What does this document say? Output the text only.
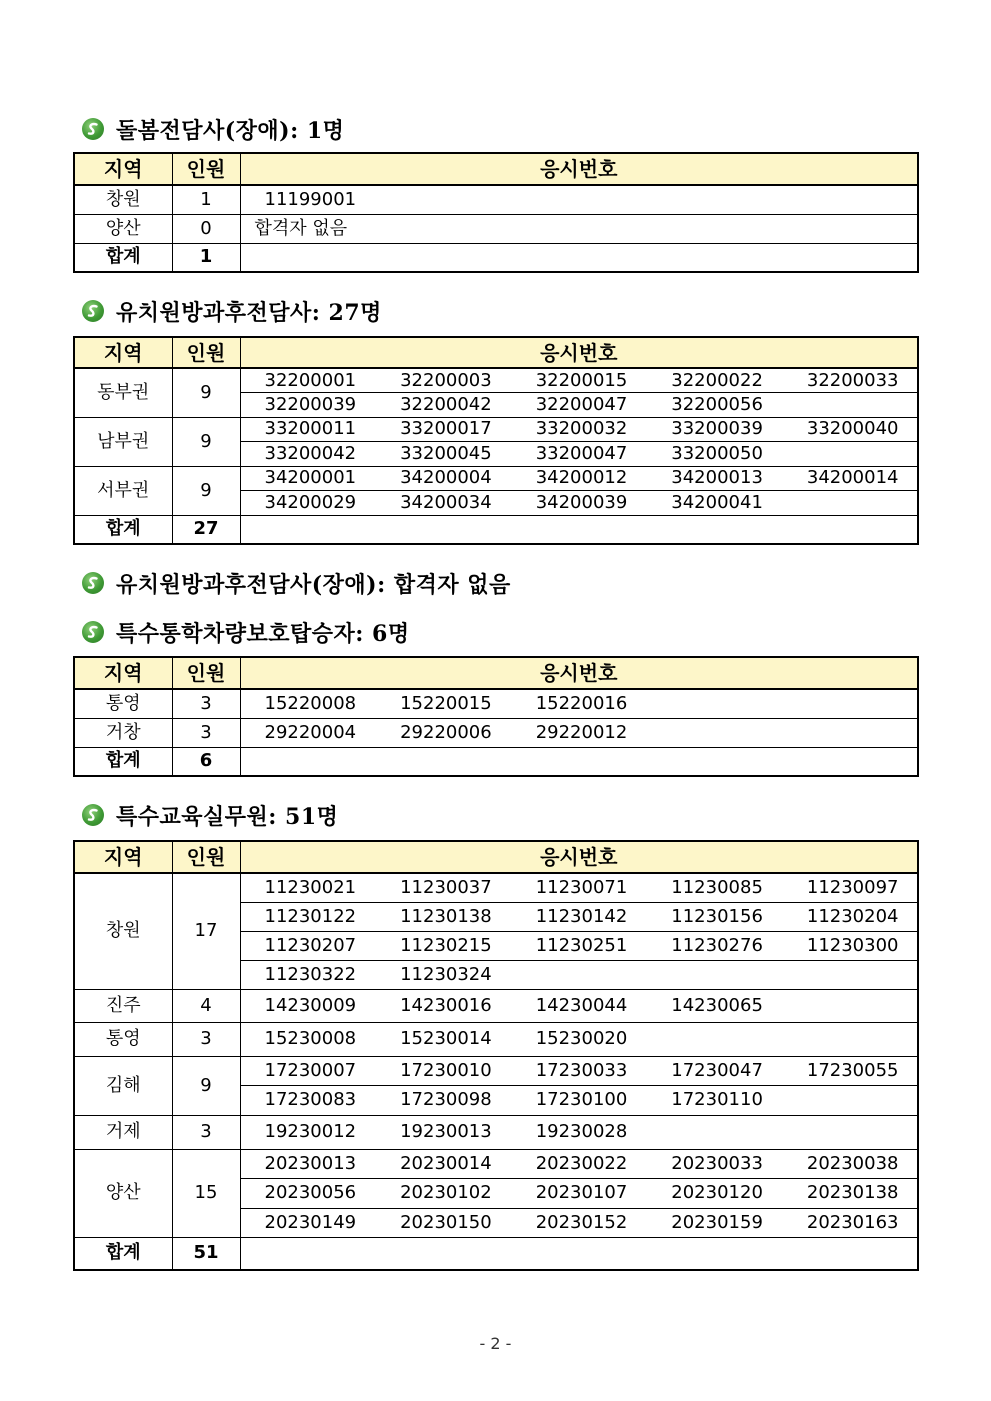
돌봄전담사(장애): 1명
지역	인원	응시번호
창원	1	11199001
양산	0	합격자 없음
합계	1	
유치원방과후전담사: 27명
지역	인원	응시번호
동부권	9	32200001 32200003 32200015 32200022 32200033
		32200039 32200042 32200047 32200056
남부권	9	33200011 33200017 33200032 33200039 33200040
		33200042 33200045 33200047 33200050
서부권	9	34200001 34200004 34200012 34200013 34200014
		34200029 34200034 34200039 34200041
합계	27	
유치원방과후전담사(장애): 합격자 없음
특수통학차량보호탑승자: 6명
지역	인원	응시번호
통영	3	15220008 15220015 15220016
거창	3	29220004 29220006 29220012
합계	6	
특수교육실무원: 51명
지역	인원	응시번호
창원	17	11230021 11230037 11230071 11230085 11230097
		11230122 11230138 11230142 11230156 11230204
		11230207 11230215 11230251 11230276 11230300
		11230322 11230324
진주	4	14230009 14230016 14230044 14230065
통영	3	15230008 15230014 15230020
김해	9	17230007 17230010 17230033 17230047 17230055
		17230083 17230098 17230100 17230110
거제	3	19230012 19230013 19230028
양산	15	20230013 20230014 20230022 20230033 20230038
		20230056 20230102 20230107 20230120 20230138
		20230149 20230150 20230152 20230159 20230163
합계	51	
- 2 -
